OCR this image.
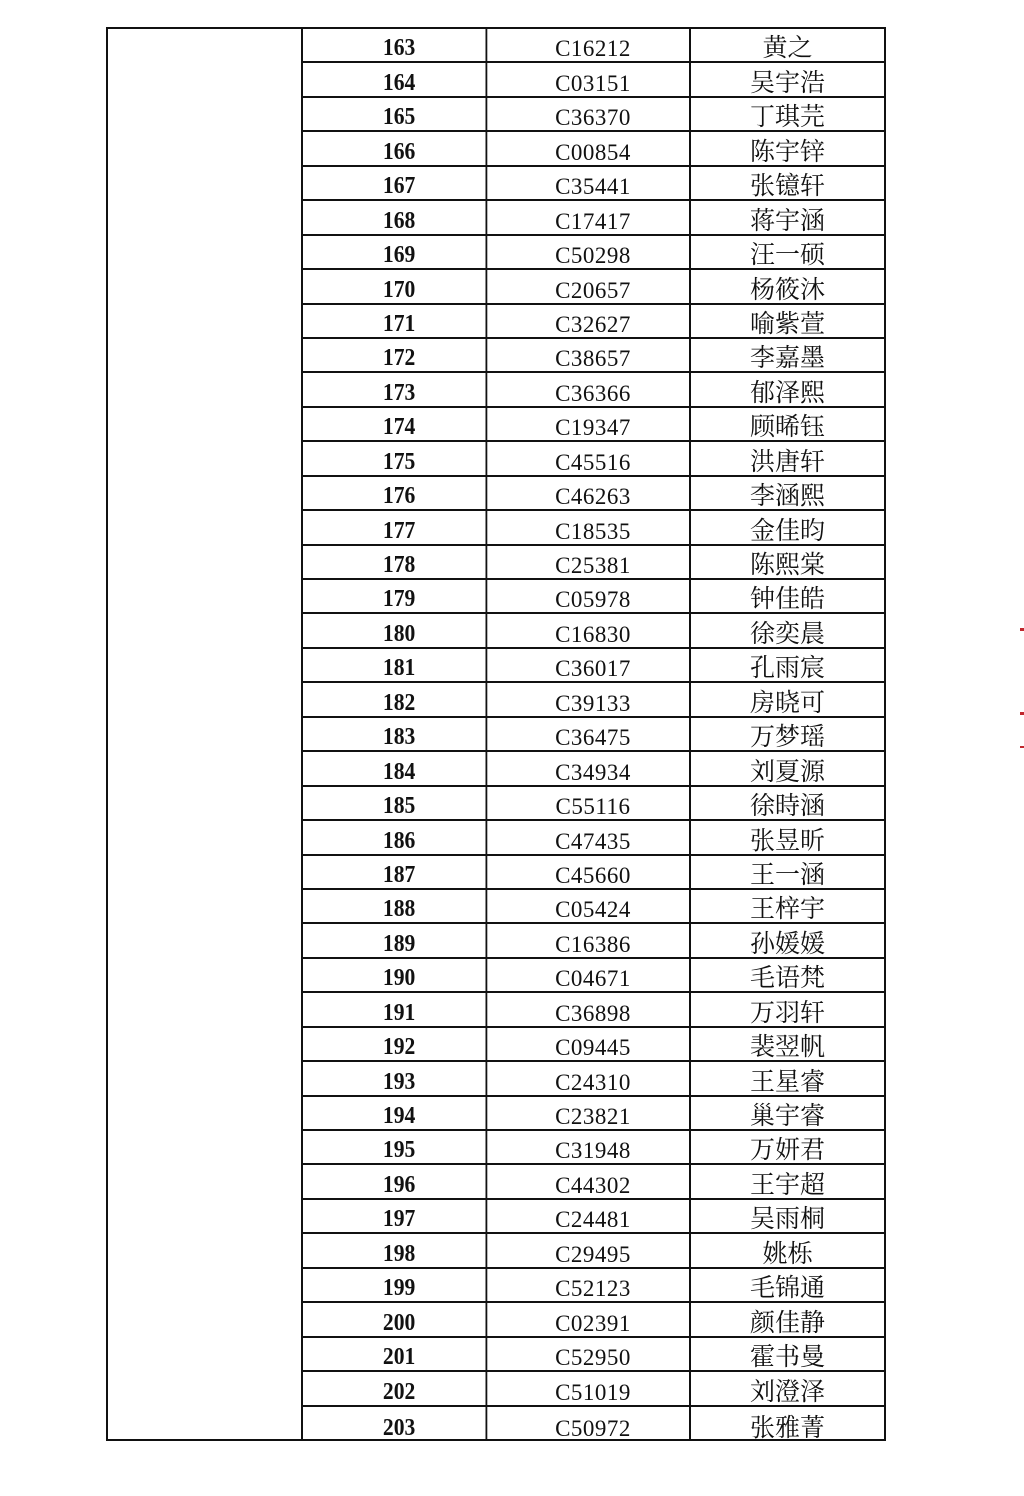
163	C16212	黄之
164	C03151	吴宇浩
165	C36370	丁琪芫
166	C00854	陈宇锌
167	C35441	张镱轩
168	C17417	蒋宇涵
169	C50298	汪一硕
170	C20657	杨筱沐
171	C32627	喻紫萱
172	C38657	李嘉墨
173	C36366	郁泽熙
174	C19347	顾晞钰
175	C45516	洪唐轩
176	C46263	李涵熙
177	C18535	金佳昀
178	C25381	陈熙棠
179	C05978	钟佳皓
180	C16830	徐奕晨
181	C36017	孔雨宸
182	C39133	房晓可
183	C36475	万梦瑶
184	C34934	刘夏源
185	C55116	徐時涵
186	C47435	张昱昕
187	C45660	王一涵
188	C05424	王梓宇
189	C16386	孙媛媛
190	C04671	毛语梵
191	C36898	万羽轩
192	C09445	裴翌帆
193	C24310	王星睿
194	C23821	巢宇睿
195	C31948	万妍君
196	C44302	王宇超
197	C24481	吴雨桐
198	C29495	姚栎
199	C52123	毛锦通
200	C02391	颜佳静
201	C52950	霍书曼
202	C51019	刘澄泽
203	C50972	张雅菁
